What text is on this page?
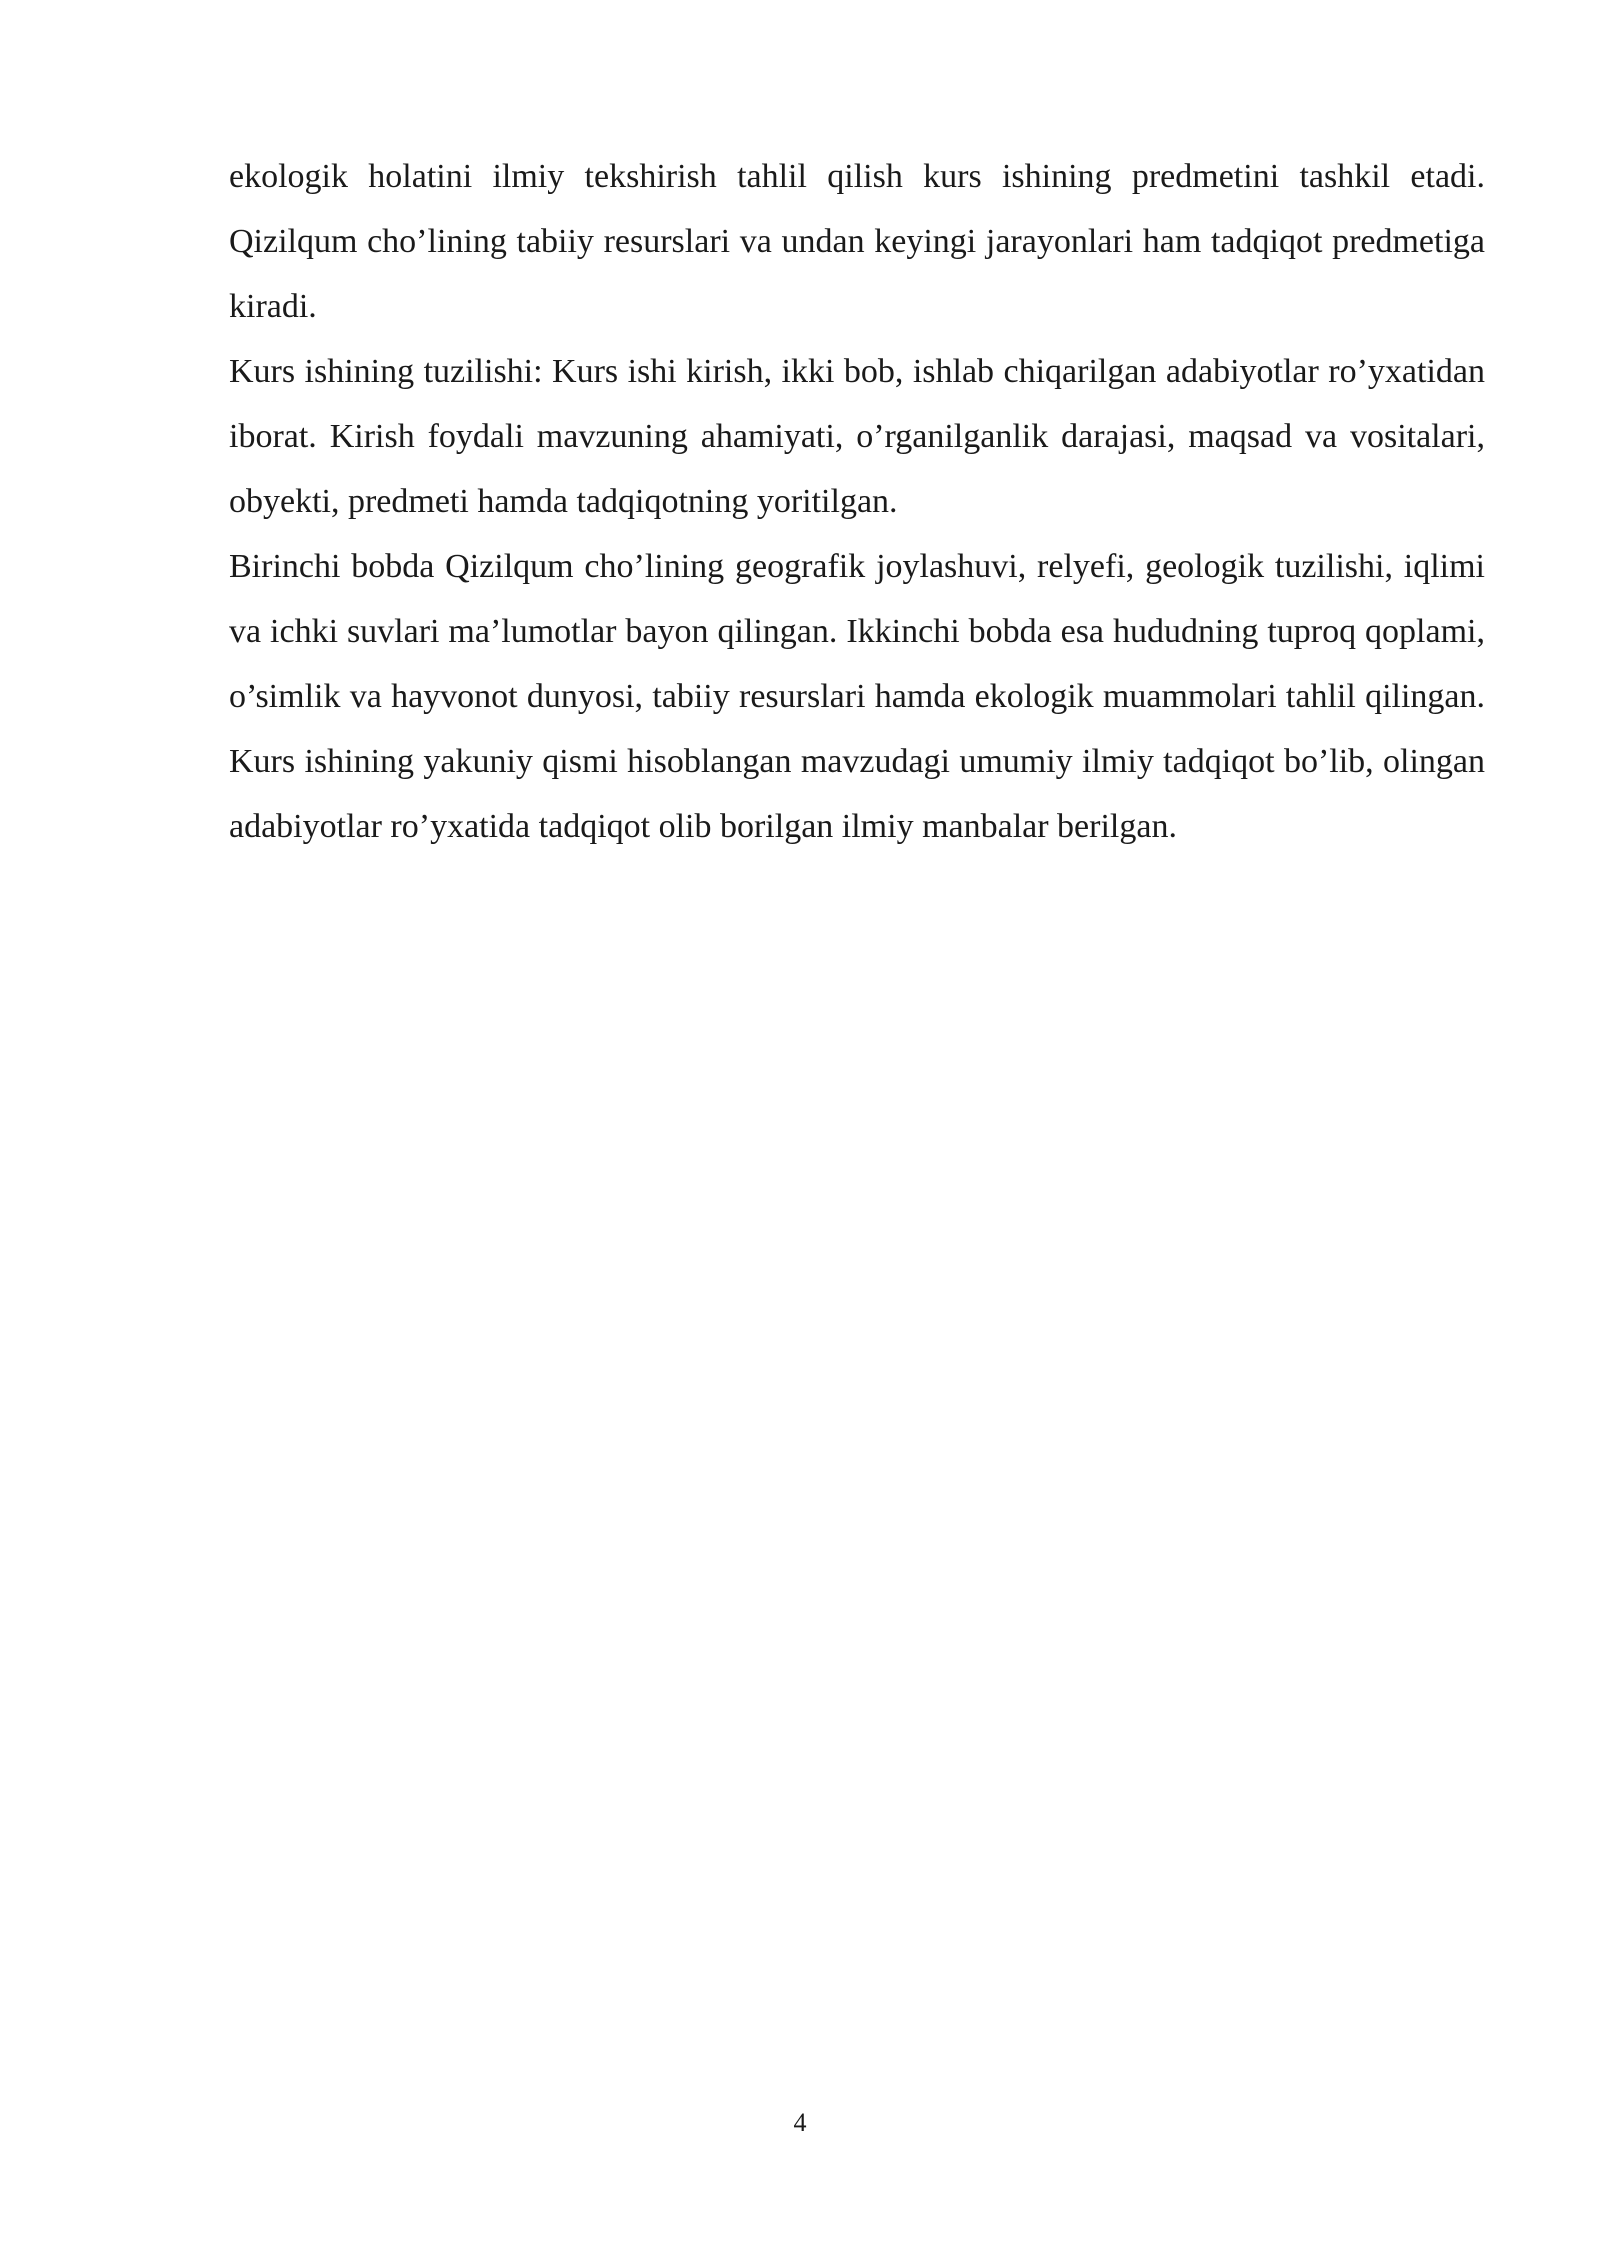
ekologik holatini ilmiy tekshirish tahlil qilish kurs ishining predmetini tashkil etadi. Qizilqum cho’lining tabiiy resurslari va undan keyingi jarayonlari ham tadqiqot predmetiga kiradi.

Kurs ishining tuzilishi: Kurs ishi kirish, ikki bob, ishlab chiqarilgan adabiyotlar ro’yxatidan iborat. Kirish foydali mavzuning ahamiyati, o’rganilganlik darajasi, maqsad va vositalari, obyekti, predmeti hamda tadqiqotning yoritilgan.

Birinchi bobda Qizilqum cho’lining geografik joylashuvi, relyefi, geologik tuzilishi, iqlimi va ichki suvlari ma’lumotlar bayon qilingan. Ikkinchi bobda esa hududning tuproq qoplami, o’simlik va hayvonot dunyosi, tabiiy resurslari hamda ekologik muammolari tahlil qilingan. Kurs ishining yakuniy qismi hisoblangan mavzudagi umumiy ilmiy tadqiqot bo’lib, olingan adabiyotlar ro’yxatida tadqiqot olib borilgan ilmiy manbalar berilgan.

4
